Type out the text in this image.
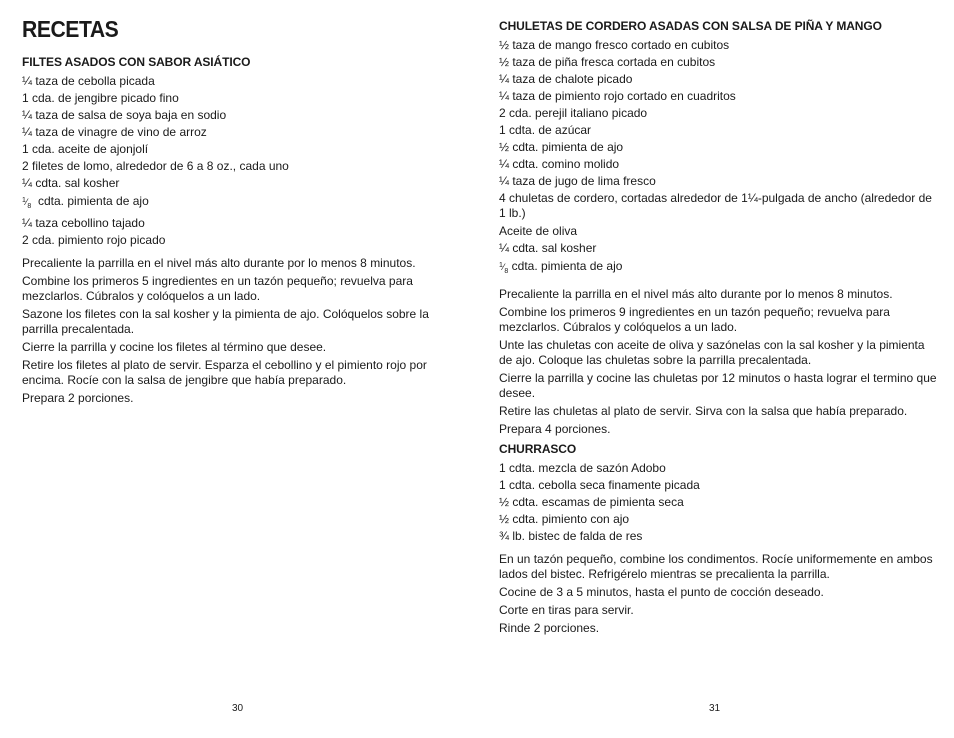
RECETAS

FILTES ASADOS CON SABOR ASIÁTICO

¼ taza de cebolla picada

1 cda. de jengibre picado fino

¼ taza de salsa de soya baja en sodio

¼ taza de vinagre de vino de arroz

1 cda. aceite de ajonjolí

2 filetes de lomo, alrededor de 6 a 8 oz., cada uno

¼ cdta. sal kosher

$^1⁄_8$ cdta. pimienta de ajo

¼ taza cebollino tajado

2 cda. pimiento rojo picado

Precaliente la parrilla en el nivel más alto durante por lo menos 8 minutos.

Combine los primeros 5 ingredientes en un tazón pequeño; revuelva para mezclarlos. Cúbralos y colóquelos a un lado.

Sazone los filetes con la sal kosher y la pimienta de ajo. Colóquelos sobre la parrilla precalentada.

Cierre la parrilla y cocine los filetes al término que desee.

Retire los filetes al plato de servir. Esparza el cebollino y el pimiento rojo por encima. Rocíe con la salsa de jengibre que había preparado.

Prepara 2 porciones.

30

CHULETAS DE CORDERO ASADAS CON SALSA DE PIÑA Y MANGO

½ taza de mango fresco cortado en cubitos

½ taza de piña fresca cortada en cubitos

¼ taza de chalote picado

¼ taza de pimiento rojo cortado en cuadritos

2 cda. perejil italiano picado

1 cdta. de azúcar

½ cdta. pimienta de ajo

¼ cdta. comino molido

¼ taza de jugo de lima fresco

4 chuletas de cordero, cortadas alrededor de 1¼-pulgada de ancho (alrededor de 1 lb.)

Aceite de oliva

¼ cdta. sal kosher

$^1⁄_8$ cdta. pimienta de ajo

Precaliente la parrilla en el nivel más alto durante por lo menos 8 minutos.

Combine los primeros 9 ingredientes en un tazón pequeño; revuelva para mezclarlos. Cúbralos y colóquelos a un lado.

Unte las chuletas con aceite de oliva y sazónelas con la sal kosher y la pimienta de ajo. Coloque las chuletas sobre la parrilla precalentada.

Cierre la parrilla y cocine las chuletas por 12 minutos o hasta lograr el termino que desee.

Retire las chuletas al plato de servir. Sirva con la salsa que había preparado.

Prepara 4 porciones.

CHURRASCO

1 cdta. mezcla de sazón Adobo

1 cdta. cebolla seca finamente picada

½ cdta. escamas de pimienta seca

½ cdta. pimiento con ajo

¾ lb. bistec de falda de res

En un tazón pequeño, combine los condimentos. Rocíe uniformemente en ambos lados del bistec. Refrigérelo mientras se precalienta la parrilla.

Cocine de 3 a 5 minutos, hasta el punto de cocción deseado.

Corte en tiras para servir.

Rinde 2 porciones.

31
